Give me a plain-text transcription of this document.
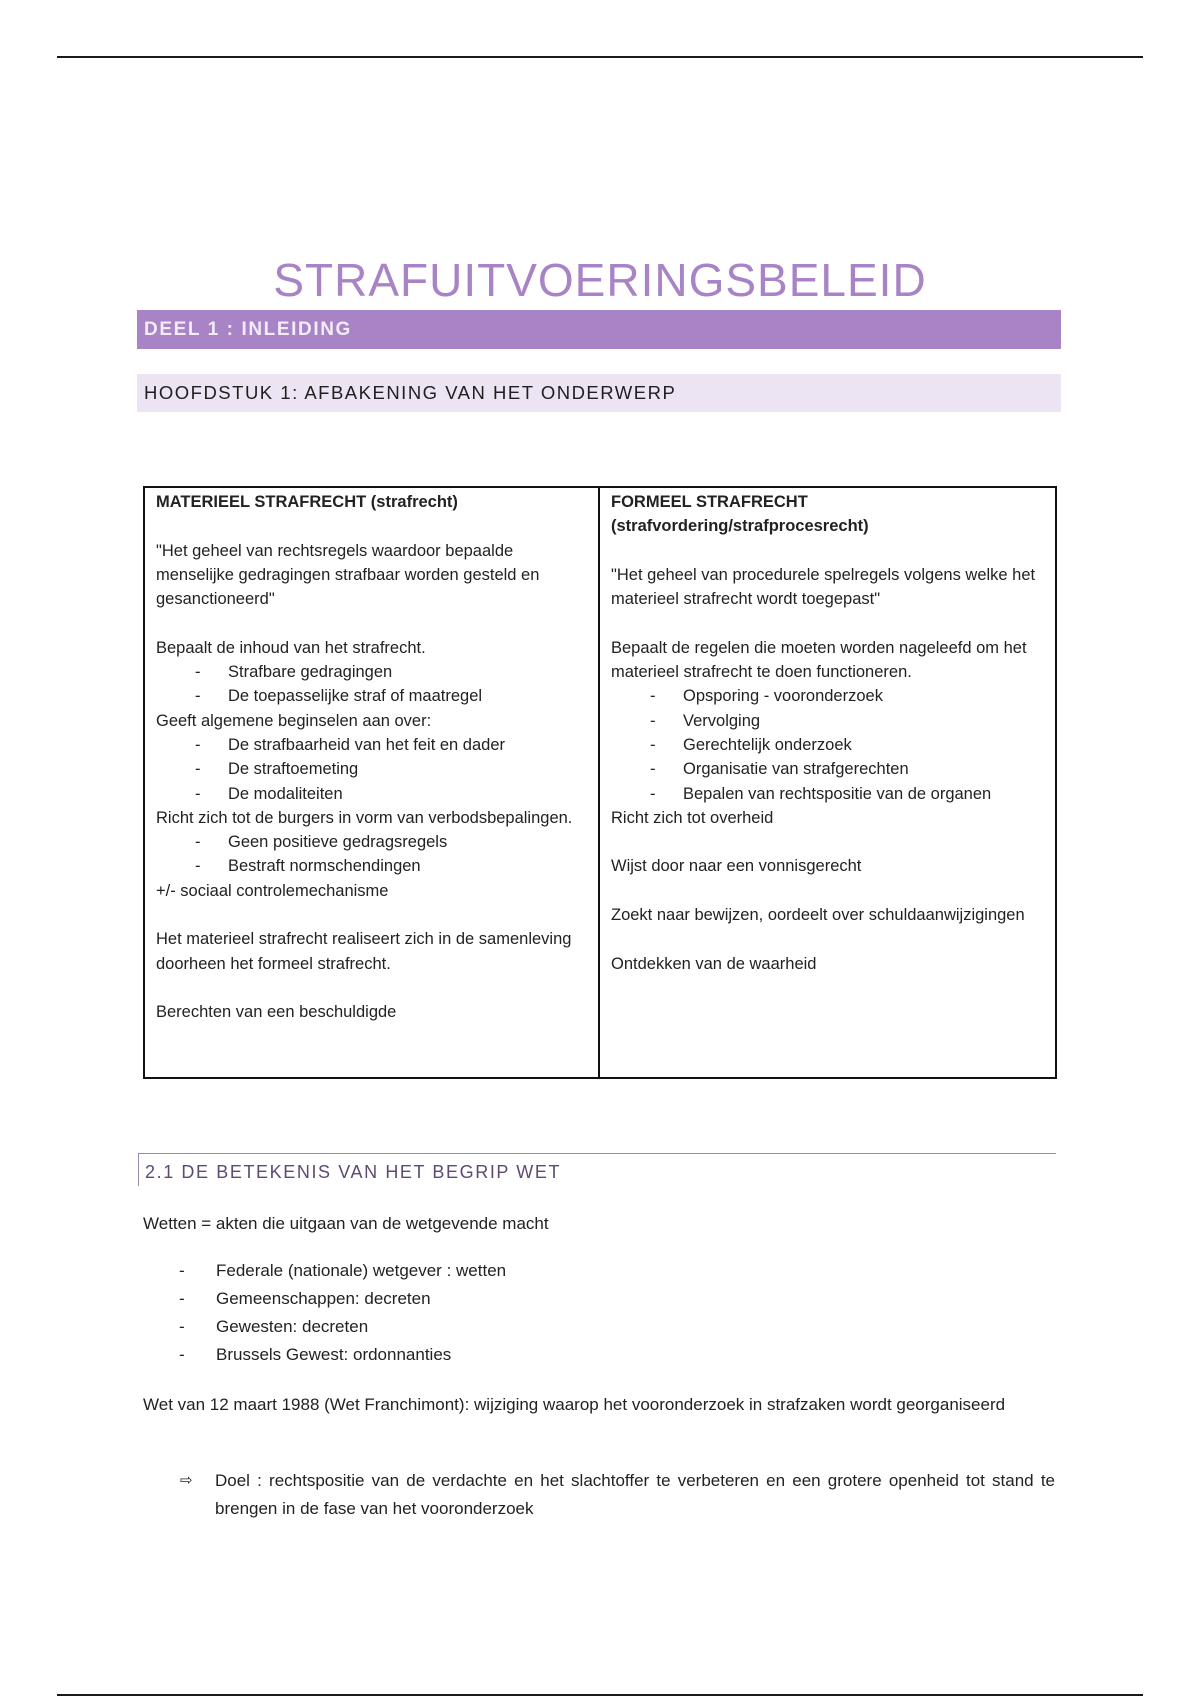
STRAFUITVOERINGSBELEID
DEEL 1 : INLEIDING
HOOFDSTUK 1: AFBAKENING VAN HET ONDERWERP
MATERIEEL STRAFRECHT (strafrecht)

"Het geheel van rechtsregels waardoor bepaalde menselijke gedragingen strafbaar worden gesteld en gesanctioneerd"

Bepaalt de inhoud van het strafrecht.

- Strafbare gedragingen
- De toepasselijke straf of maatregel

Geeft algemene beginselen aan over:

- De strafbaarheid van het feit en dader
- De straftoemeting
- De modaliteiten

Richt zich tot de burgers in vorm van verbodsbepalingen.

- Geen positieve gedragsregels
- Bestraft normschendingen

+/- sociaal controlemechanisme

Het materieel strafrecht realiseert zich in de samenleving doorheen het formeel strafrecht.

Berechten van een beschuldigde

FORMEEL STRAFRECHT (strafvordering/strafprocesrecht)

"Het geheel van procedurele spelregels volgens welke het materieel strafrecht wordt toegepast"

Bepaalt de regelen die moeten worden nageleefd om het materieel strafrecht te doen functioneren.

- Opsporing - vooronderzoek
- Vervolging
- Gerechtelijk onderzoek
- Organisatie van strafgerechten
- Bepalen van rechtspositie van de organen

Richt zich tot overheid

Wijst door naar een vonnisgerecht

Zoekt naar bewijzen, oordeelt over schuldaanwijzigingen

Ontdekken van de waarheid

2.1 DE BETEKENIS VAN HET BEGRIP WET

Wetten = akten die uitgaan van de wetgevende macht

- Federale (nationale) wetgever : wetten
- Gemeenschappen: decreten
- Gewesten: decreten
- Brussels Gewest: ordonnanties

Wet van 12 maart 1988 (Wet Franchimont): wijziging waarop het vooronderzoek in strafzaken wordt georganiseerd

⇨	Doel : rechtspositie van de verdachte en het slachtoffer te verbeteren en een grotere openheid tot stand te brengen in de fase van het vooronderzoek
